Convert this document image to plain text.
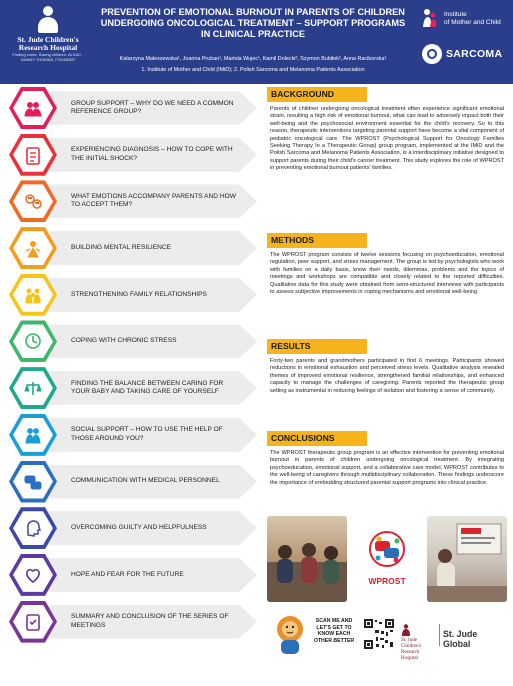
St. Jude Children's Research Hospital
Finding cures. Saving children. ALSAC · DANNY THOMAS, FOUNDER
PREVENTION OF EMOTIONAL BURNOUT IN PARENTS OF CHILDREN UNDERGOING ONCOLOGICAL TREATMENT – SUPPORT PROGRAMS IN CLINICAL PRACTICE
Katarzyna Maleszewska¹, Joanna Pruban¹, Mariola Wujec¹, Kamil Dolecki², Szymon Bubiłek², Anna Raciborska¹
1. Institute of Mother and Child (IMiD); 2. Polish Sarcoma and Melanoma Patients Association
Institute
of Mother and Child
SARCOMA
GROUP SUPPORT – WHY DO WE NEED A COMMON REFERENCE GROUP?
EXPERIENCING DIAGNOSIS – HOW TO COPE WITH THE INITIAL SHOCK?
WHAT EMOTIONS ACCOMPANY PARENTS AND HOW TO ACCEPT THEM?
BUILDING MENTAL RESILIENCE
STRENGTHENING FAMILY RELATIONSHIPS
COPING WITH CHRONIC STRESS
FINDING THE BALANCE BETWEEN CARING FOR YOUR BABY AND TAKING CARE OF YOURSELF
SOCIAL SUPPORT – HOW TO USE THE HELP OF THOSE AROUND YOU?
COMMUNICATION WITH MEDICAL PERSONNEL
OVERCOMING GUILTY AND HELPFULNESS
HOPE AND FEAR FOR THE FUTURE
SUMMARY AND CONCLUSION OF THE SERIES OF MEETINGS
BACKGROUND

Parents of children undergoing oncological treatment often experience significant emotional strain, resulting a high risk of emotional burnout, what can lead to adversely impact both their well-being and the psychosocial environment essential for the child's recovery. So to this reason, therapeutic interventions targeting parental support have become a vital component of pediatric oncological care. The WPROST (Psychological Support for Oncology Families Seeking Therapy In a Therapeutic Group) group program, implemented at the IMiD and the Polish Sarcoma and Melanoma Patients Association, is a interdisciplinary initiative designed to support parents during their child's cancer treatment. This study explores the role of WPROST in preventing emotional burnout patients' families.

METHODS

The WPROST program consists of twelve sessions focusing on psychoeducation, emotional regulation, peer support, and stress management. The group is led by psychologists who work with families on a daily basis, know their needs, dilemmas, problems and the topics of meetings and workshops are compatible and closely related to the reported difficulties. Qualitative data for this study were obtained from semi-structured interviews with participants to assess subjective improvements in coping mechanisms and emotional well-being.

RESULTS

Forty-two parents and grandmothers participated in first 6 meetings. Participants showed reductions in emotional exhaustion and perceived stress levels. Qualitative analysis revealed themes of improved emotional resilience, strengthened familial relationships, and enhanced capacity to manage the challenges of caregiving. Parents reported the therapeutic group setting as instrumental in reducing feelings of isolation and fostering a sense of community.

CONCLUSIONS

The WPROST therapeutic group program is an effective intervention for preventing emotional burnout in parents of children undergoing oncological treatment. By integrating psychoeducation, emotional support, and a collaborative care model, WPROST contributes to the well-being of caregivers through multidisciplinary collaboration. These findings underscore the importance of embedding structured parental support programs into clinical practice.

WPROST
SCAN ME AND LET'S GET TO KNOW EACH OTHER BETTER	St. Jude Children's Research Hospital
St. Jude Global
